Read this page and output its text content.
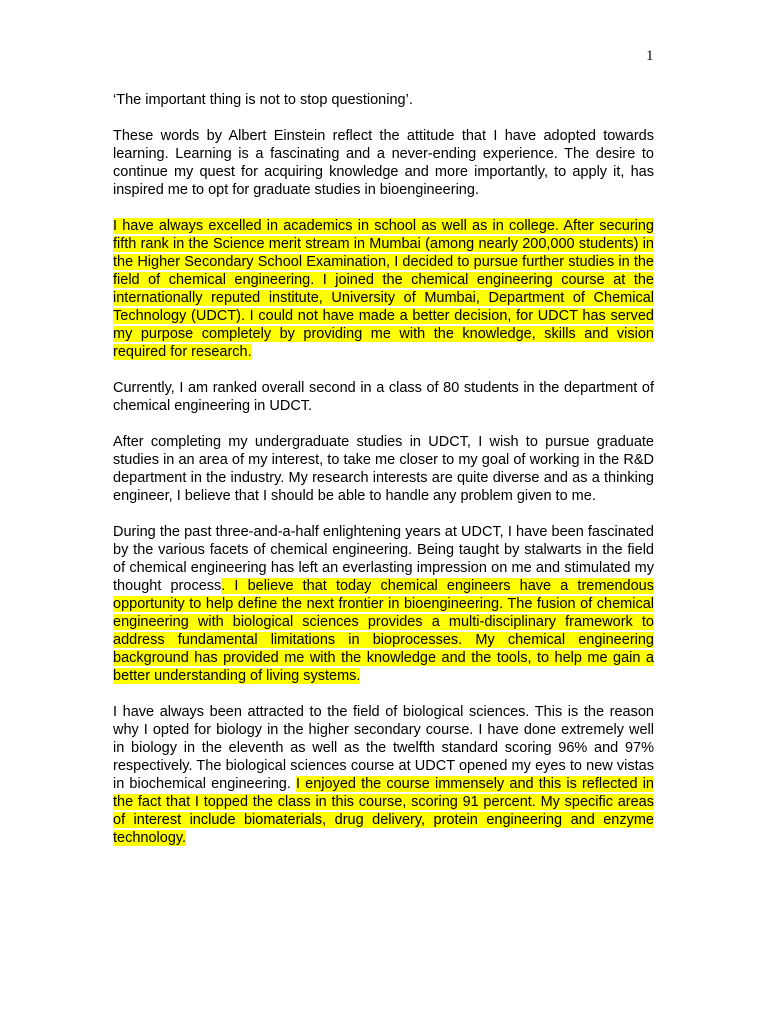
1

‘The important thing is not to stop questioning’.

These words by Albert Einstein reflect the attitude that I have adopted towards learning. Learning is a fascinating and a never-ending experience. The desire to continue my quest for acquiring knowledge and more importantly, to apply it, has inspired me to opt for graduate studies in bioengineering.

I have always excelled in academics in school as well as in college. After securing fifth rank in the Science merit stream in Mumbai (among nearly 200,000 students) in the Higher Secondary School Examination, I decided to pursue further studies in the field of chemical engineering. I joined the chemical engineering course at the internationally reputed institute, University of Mumbai, Department of Chemical Technology (UDCT). I could not have made a better decision, for UDCT has served my purpose completely by providing me with the knowledge, skills and vision required for research.

Currently, I am ranked overall second in a class of 80 students in the department of chemical engineering in UDCT.

After completing my undergraduate studies in UDCT, I wish to pursue graduate studies in an area of my interest, to take me closer to my goal of working in the R&D department in the industry. My research interests are quite diverse and as a thinking engineer, I believe that I should be able to handle any problem given to me.

During the past three-and-a-half enlightening years at UDCT, I have been fascinated by the various facets of chemical engineering. Being taught by stalwarts in the field of chemical engineering has left an everlasting impression on me and stimulated my thought process. I believe that today chemical engineers have a tremendous opportunity to help define the next frontier in bioengineering. The fusion of chemical engineering with biological sciences provides a multi-disciplinary framework to address fundamental limitations in bioprocesses. My chemical engineering background has provided me with the knowledge and the tools, to help me gain a better understanding of living systems.

I have always been attracted to the field of biological sciences. This is the reason why I opted for biology in the higher secondary course. I have done extremely well in biology in the eleventh as well as the twelfth standard scoring 96% and 97% respectively. The biological sciences course at UDCT opened my eyes to new vistas in biochemical engineering. I enjoyed the course immensely and this is reflected in the fact that I topped the class in this course, scoring 91 percent. My specific areas of interest include biomaterials, drug delivery, protein engineering and enzyme technology.
